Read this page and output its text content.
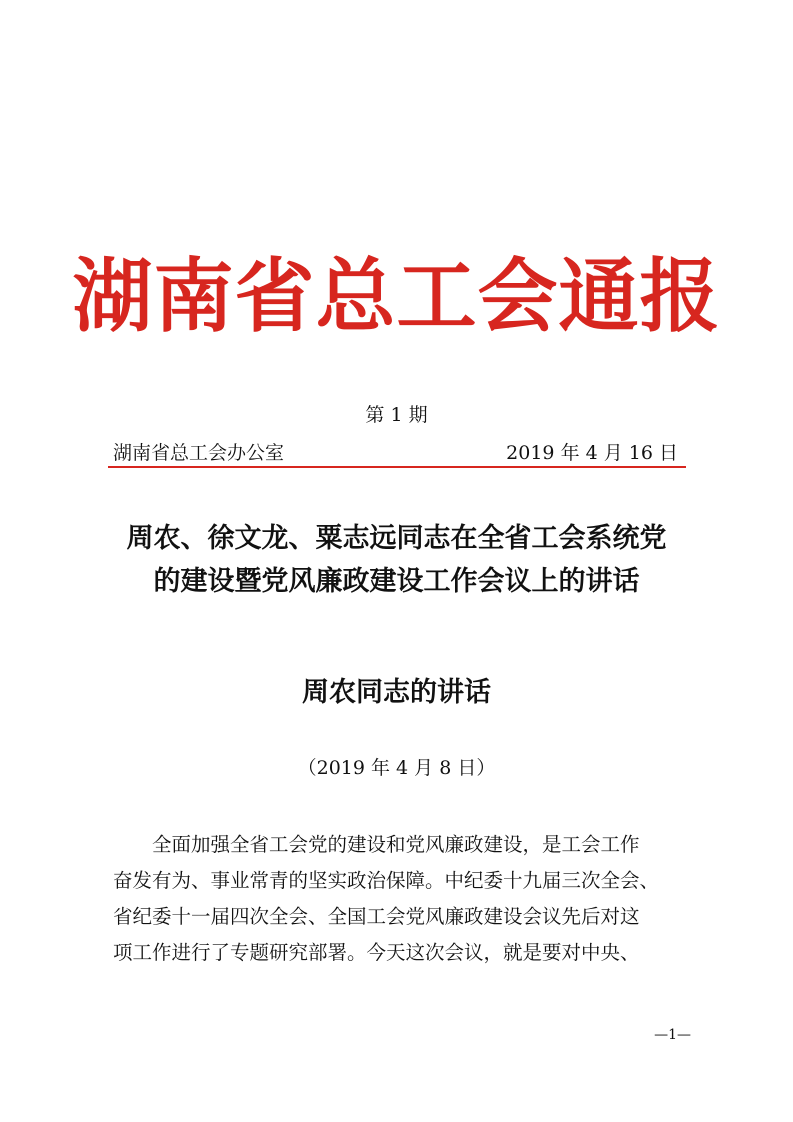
湖南省总工会通报
第 1 期
湖南省总工会办公室	2019 年 4 月 16 日
周农、徐文龙、粟志远同志在全省工会系统党
的建设暨党风廉政建设工作会议上的讲话
周农同志的讲话
（2019 年 4 月 8 日）
全面加强全省工会党的建设和党风廉政建设，是工会工作
奋发有为、事业常青的坚实政治保障。中纪委十九届三次全会、
省纪委十一届四次全会、全国工会党风廉政建设会议先后对这
项工作进行了专题研究部署。今天这次会议，就是要对中央、
—1—
